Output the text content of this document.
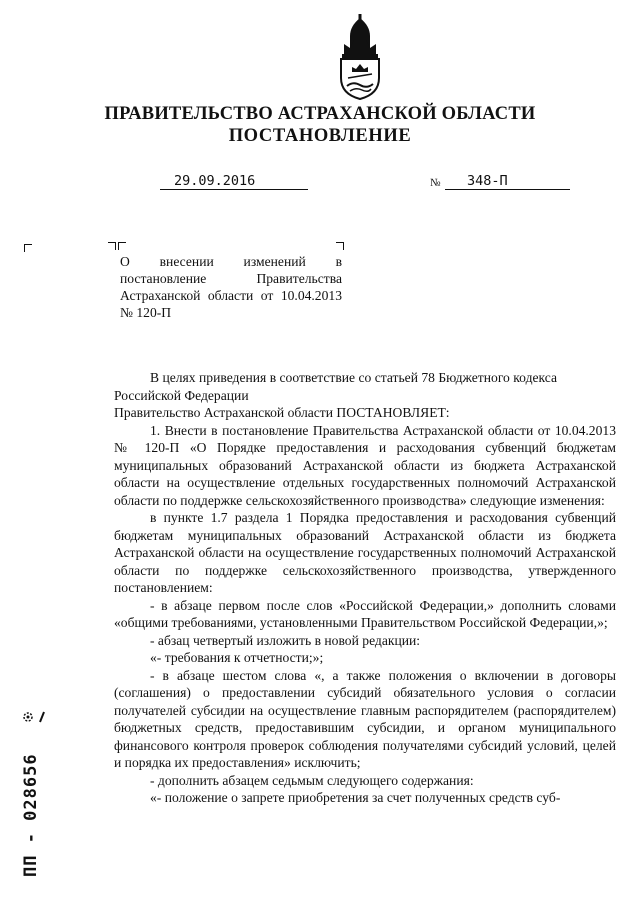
ПРАВИТЕЛЬСТВО АСТРАХАНСКОЙ ОБЛАСТИ
ПОСТАНОВЛЕНИЕ
29.09.2016	№	348-П
О внесении изменений в постановление Правительства Астраханской области от 10.04.2013 № 120-П

В целях приведения в соответствие со статьей 78 Бюджетного кодекса Российской Федерации

Правительство Астраханской области ПОСТАНОВЛЯЕТ:

1. Внести в постановление Правительства Астраханской области от 10.04.2013 № 120-П «О Порядке предоставления и расходования субвенций бюджетам муниципальных образований Астраханской области из бюджета Астраханской области на осуществление отдельных государственных полномочий Астраханской области по поддержке сельскохозяйственного производства» следующие изменения:

в пункте 1.7 раздела 1 Порядка предоставления и расходования субвенций бюджетам муниципальных образований Астраханской области из бюджета Астраханской области на осуществление государственных полномочий Астраханской области по поддержке сельскохозяйственного производства, утвержденного постановлением:

- в абзаце первом после слов «Российской Федерации,» дополнить словами «общими требованиями, установленными Правительством Российской Федерации,»;

- абзац четвертый изложить в новой редакции:

«- требования к отчетности;»;

- в абзаце шестом слова «, а также положения о включении в договоры (соглашения) о предоставлении субсидий обязательного условия о согласии получателей субсидии на осуществление главным распорядителем (распорядителем) бюджетных средств, предоставившим субсидии, и органом муниципального финансового контроля проверок соблюдения получателями субсидий условий, целей и порядка их предоставления» исключить;

- дополнить абзацем седьмым следующего содержания:

«- положение о запрете приобретения за счет полученных средств суб-

ПП - 028656
